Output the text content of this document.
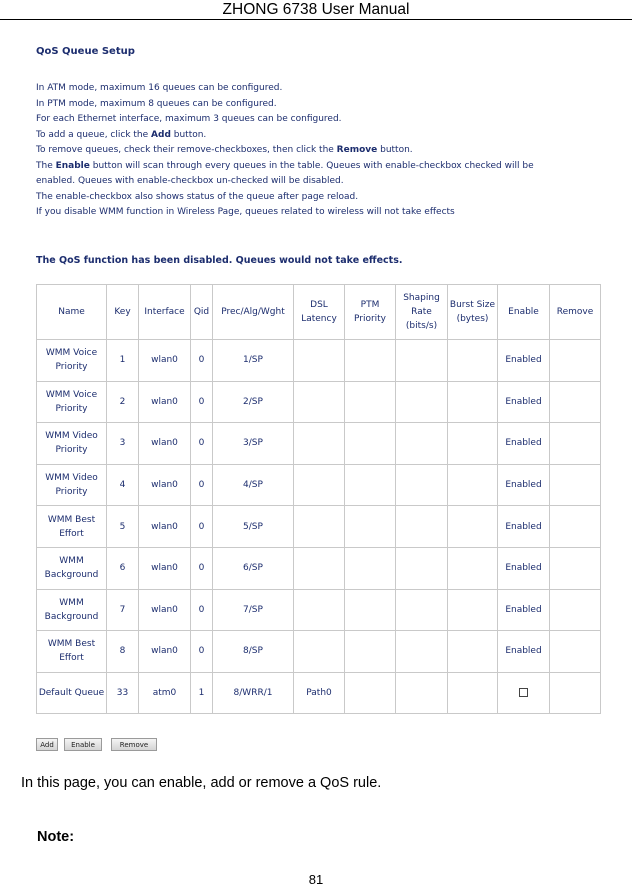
ZHONG 6738 User Manual
QoS Queue Setup
In ATM mode, maximum 16 queues can be configured.
In PTM mode, maximum 8 queues can be configured.
For each Ethernet interface, maximum 3 queues can be configured.
To add a queue, click the Add button.
To remove queues, check their remove-checkboxes, then click the Remove button.
The Enable button will scan through every queues in the table. Queues with enable-checkbox checked will be
enabled. Queues with enable-checkbox un-checked will be disabled.
The enable-checkbox also shows status of the queue after page reload.
If you disable WMM function in Wireless Page, queues related to wireless will not take effects
The QoS function has been disabled. Queues would not take effects.
Name	Key	Interface	Qid	Prec/Alg/Wght	DSL Latency	PTM Priority	Shaping Rate (bits/s)	Burst Size (bytes)	Enable	Remove
WMM Voice Priority	1	wlan0	0	1/SP					Enabled	
WMM Voice Priority	2	wlan0	0	2/SP					Enabled	
WMM Video Priority	3	wlan0	0	3/SP					Enabled	
WMM Video Priority	4	wlan0	0	4/SP					Enabled	
WMM Best Effort	5	wlan0	0	5/SP					Enabled	
WMM Background	6	wlan0	0	6/SP					Enabled	
WMM Background	7	wlan0	0	7/SP					Enabled	
WMM Best Effort	8	wlan0	0	8/SP					Enabled	
Default Queue	33	atm0	1	8/WRR/1	Path0					
Add	Enable	Remove
In this page, you can enable, add or remove a QoS rule.
Note:
81
